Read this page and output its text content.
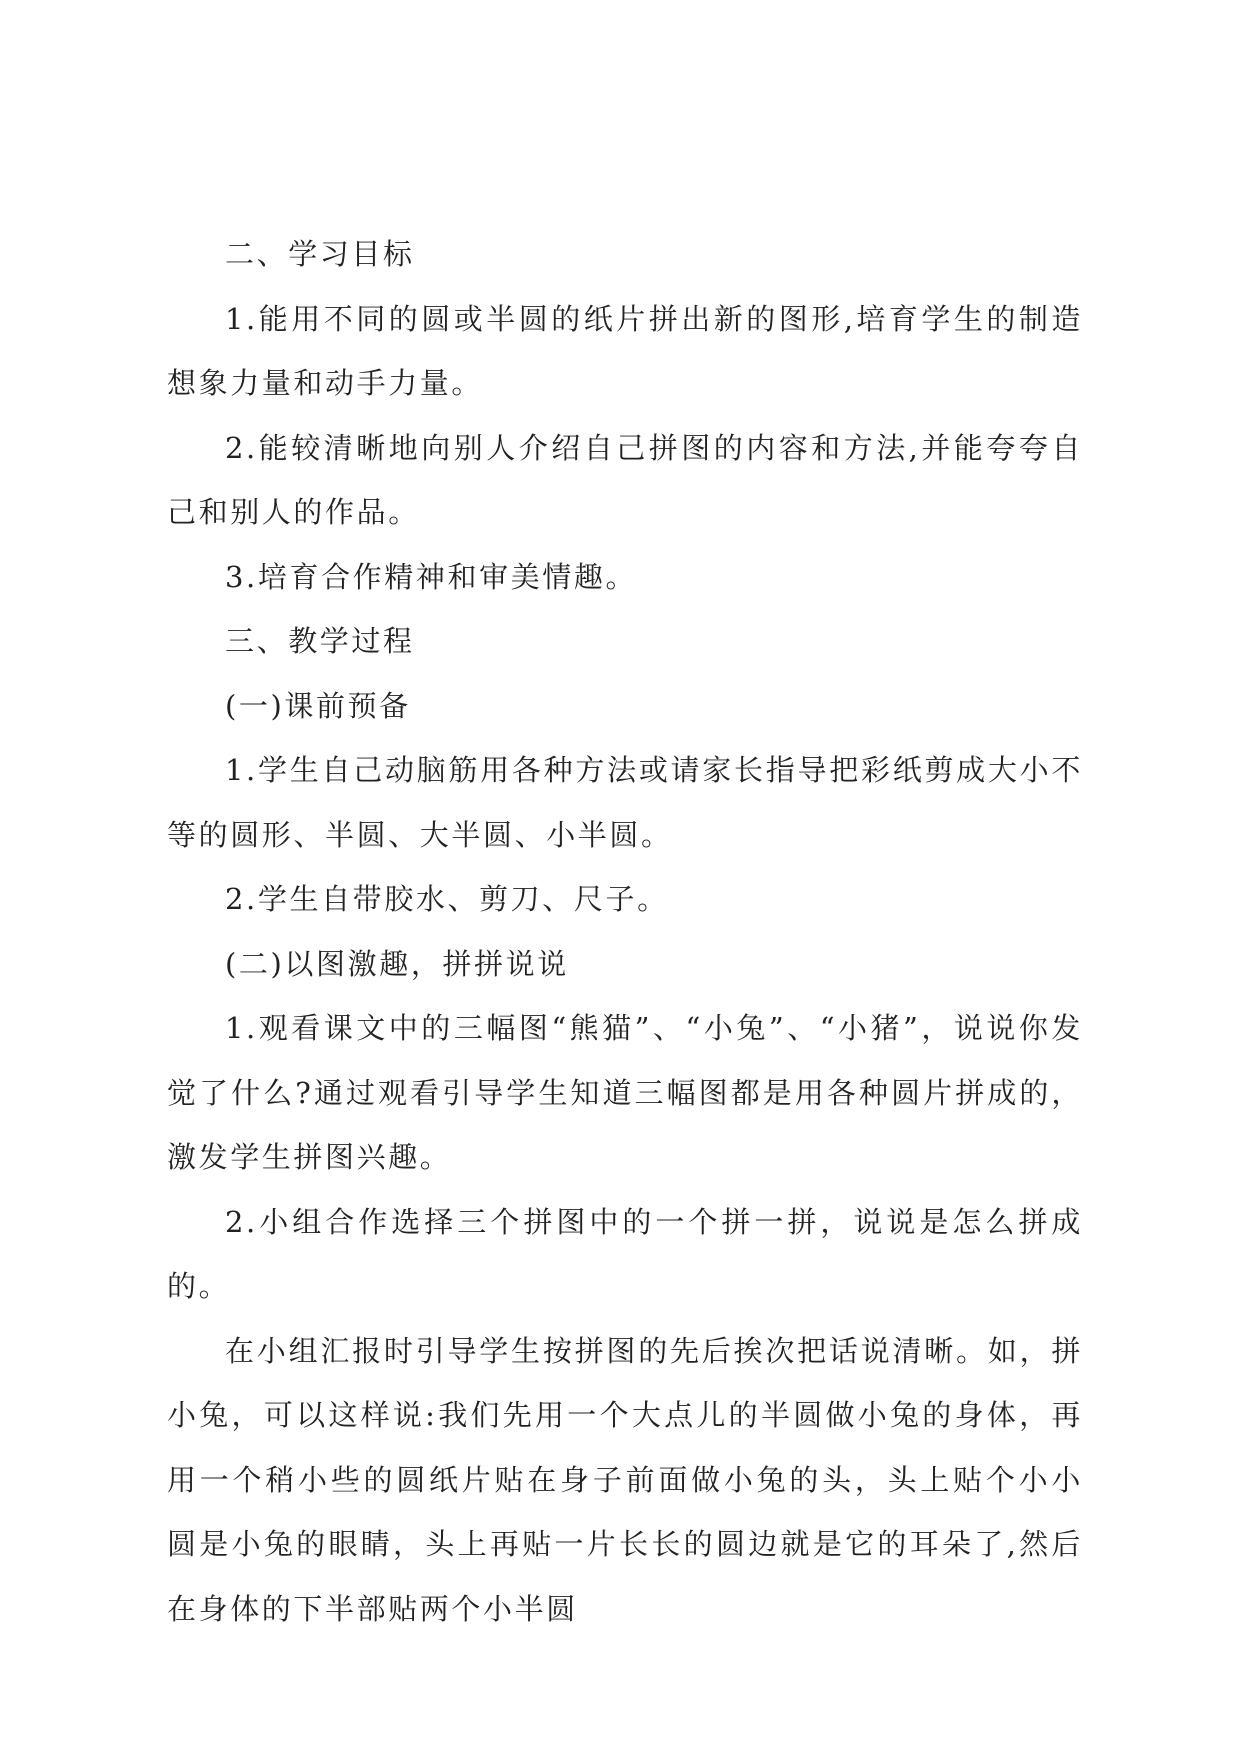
二、学习目标

1.能用不同的圆或半圆的纸片拼出新的图形,培育学生的制造想象力量和动手力量。

2.能较清晰地向别人介绍自己拼图的内容和方法,并能夸夸自己和别人的作品。

3.培育合作精神和审美情趣。

三、教学过程

(一)课前预备

1.学生自己动脑筋用各种方法或请家长指导把彩纸剪成大小不等的圆形、半圆、大半圆、小半圆。

2.学生自带胶水、剪刀、尺子。

(二)以图激趣，拼拼说说

1.观看课文中的三幅图“熊猫”、“小兔”、“小猪”，说说你发觉了什么?通过观看引导学生知道三幅图都是用各种圆片拼成的，激发学生拼图兴趣。

2.小组合作选择三个拼图中的一个拼一拼，说说是怎么拼成的。

在小组汇报时引导学生按拼图的先后挨次把话说清晰。如，拼小兔，可以这样说:我们先用一个大点儿的半圆做小兔的身体，再用一个稍小些的圆纸片贴在身子前面做小兔的头，头上贴个小小圆是小兔的眼睛，头上再贴一片长长的圆边就是它的耳朵了,然后在身体的下半部贴两个小半圆
